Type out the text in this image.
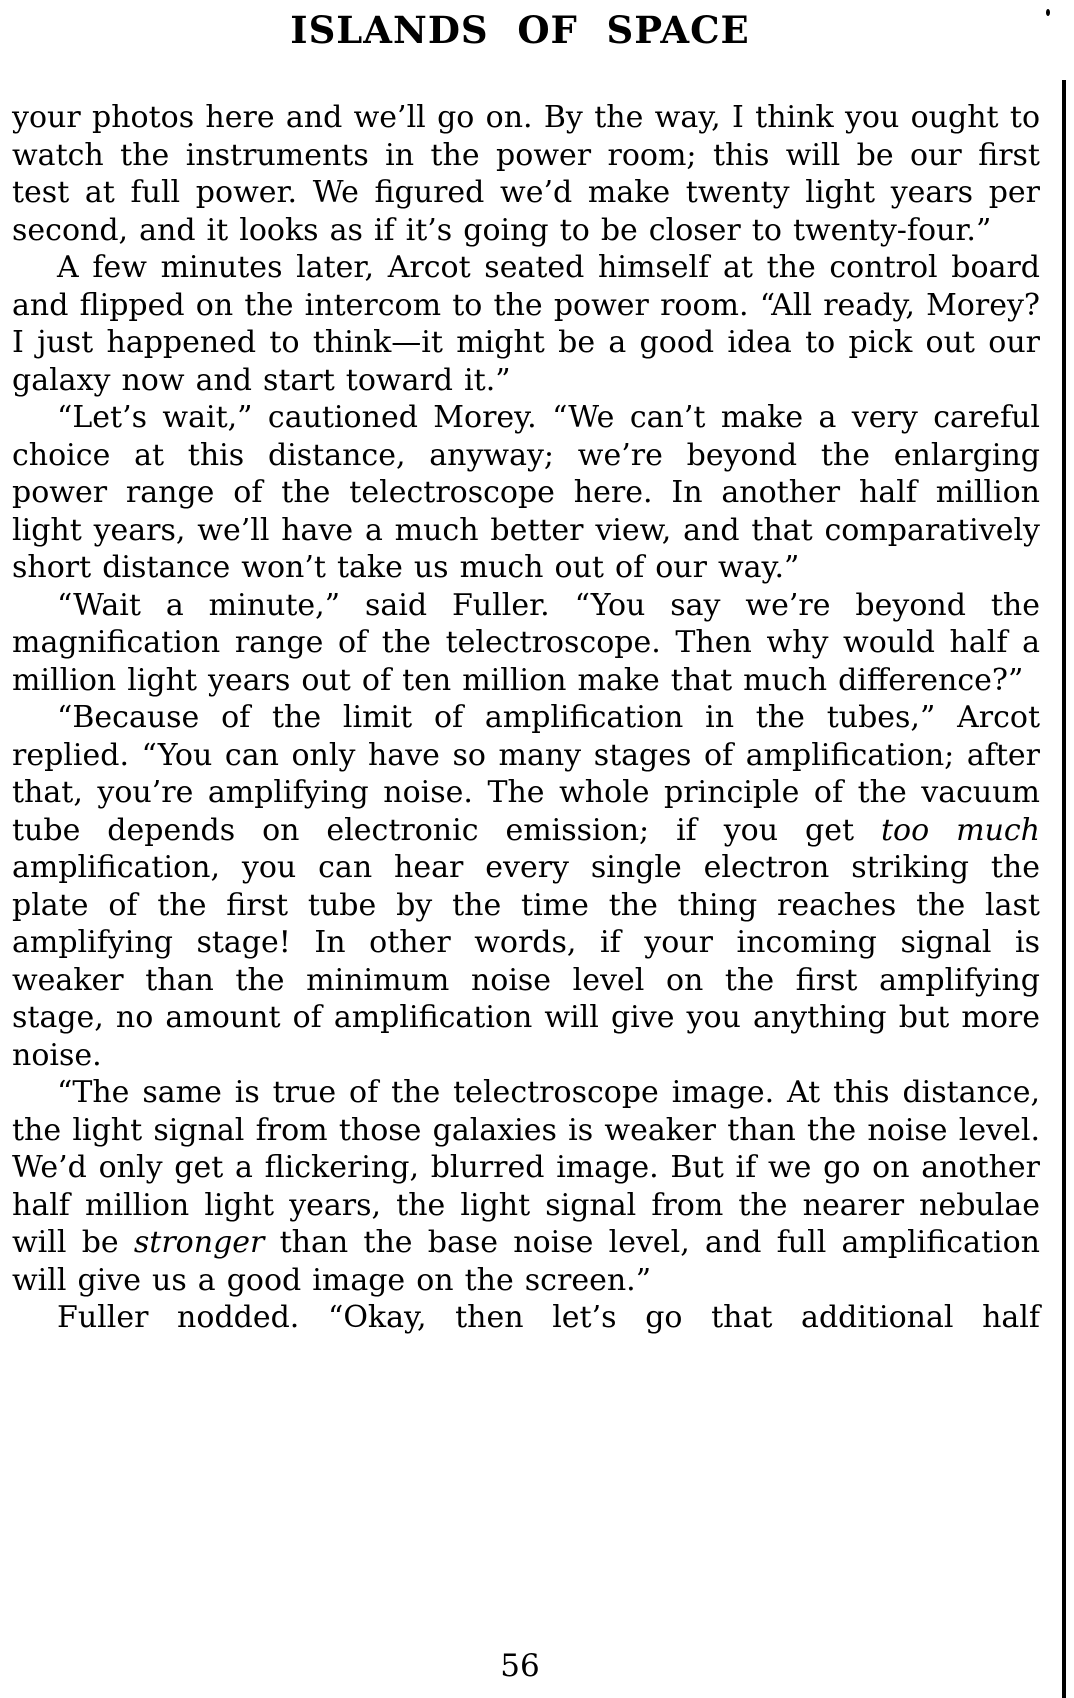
ISLANDS OF SPACE

your photos here and we’ll go on. By the way, I think you ought to watch the instruments in the power room; this will be our first test at full power. We figured we’d make twenty light years per second, and it looks as if it’s going to be closer to twenty-four.”

A few minutes later, Arcot seated himself at the control board and flipped on the intercom to the power room. “All ready, Morey? I just happened to think—it might be a good idea to pick out our galaxy now and start toward it.”

“Let’s wait,” cautioned Morey. “We can’t make a very careful choice at this distance, anyway; we’re beyond the enlarging power range of the telectroscope here. In another half million light years, we’ll have a much better view, and that comparatively short distance won’t take us much out of our way.”

“Wait a minute,” said Fuller. “You say we’re beyond the magnification range of the telectroscope. Then why would half a million light years out of ten million make that much difference?”

“Because of the limit of amplification in the tubes,” Arcot replied. “You can only have so many stages of amplification; after that, you’re amplifying noise. The whole principle of the vacuum tube depends on electronic emission; if you get too much amplification, you can hear every single electron striking the plate of the first tube by the time the thing reaches the last amplifying stage! In other words, if your incoming signal is weaker than the minimum noise level on the first amplifying stage, no amount of amplification will give you anything but more noise.

“The same is true of the telectroscope image. At this distance, the light signal from those galaxies is weaker than the noise level. We’d only get a flickering, blurred image. But if we go on another half million light years, the light signal from the nearer nebulae will be stronger than the base noise level, and full amplification will give us a good image on the screen.”

Fuller nodded. “Okay, then let’s go that additional half

56
